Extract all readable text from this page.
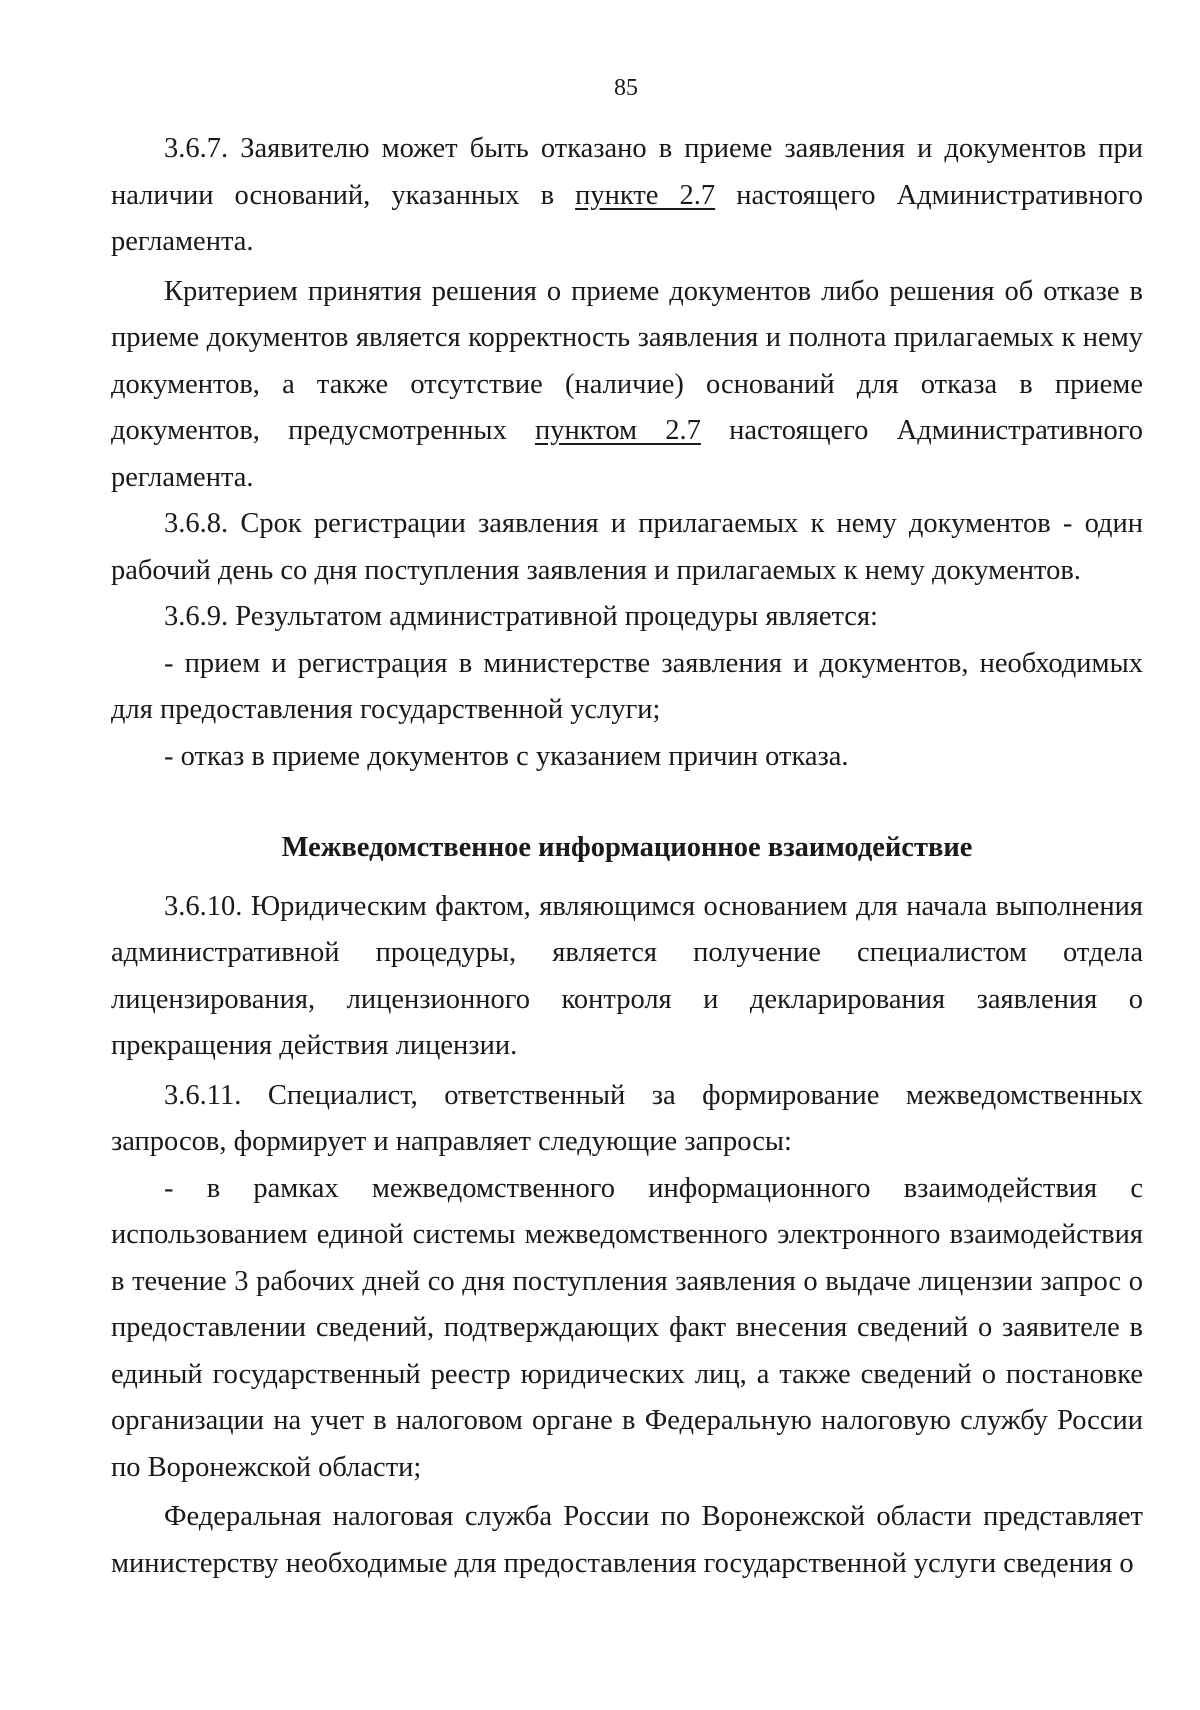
85

3.6.7. Заявителю может быть отказано в приеме заявления и документов при наличии оснований, указанных в пункте 2.7 настоящего Административного регламента.

Критерием принятия решения о приеме документов либо решения об отказе в приеме документов является корректность заявления и полнота прилагаемых к нему документов, а также отсутствие (наличие) оснований для отказа в приеме документов, предусмотренных пунктом 2.7 настоящего Административного регламента.

3.6.8. Срок регистрации заявления и прилагаемых к нему документов - один рабочий день со дня поступления заявления и прилагаемых к нему документов.

3.6.9. Результатом административной процедуры является:

- прием и регистрация в министерстве заявления и документов, необходимых для предоставления государственной услуги;

- отказ в приеме документов с указанием причин отказа.

Межведомственное информационное взаимодействие

3.6.10. Юридическим фактом, являющимся основанием для начала выполнения административной процедуры, является получение специалистом отдела лицензирования, лицензионного контроля и декларирования заявления о прекращения действия лицензии.

3.6.11. Специалист, ответственный за формирование межведомственных запросов, формирует и направляет следующие запросы:

- в рамках межведомственного информационного взаимодействия с использованием единой системы межведомственного электронного взаимодействия в течение 3 рабочих дней со дня поступления заявления о выдаче лицензии запрос о предоставлении сведений, подтверждающих факт внесения сведений о заявителе в единый государственный реестр юридических лиц, а также сведений о постановке организации на учет в налоговом органе в Федеральную налоговую службу России по Воронежской области;

Федеральная налоговая служба России по Воронежской области представляет министерству необходимые для предоставления государственной услуги сведения о
